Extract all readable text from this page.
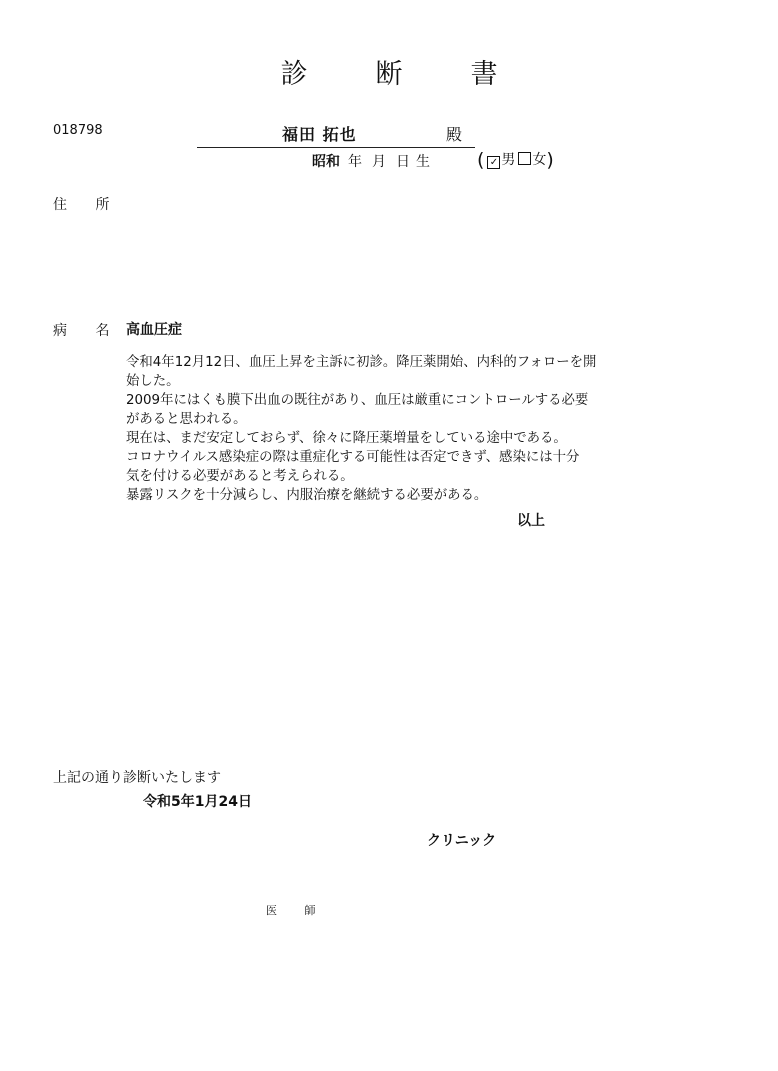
診 断 書
018798	福田 拓也	殿
昭和 年 月 日 生 ( ✓ 男 女)
住 所
病 名 高血圧症
令和4年12月12日、血圧上昇を主訴に初診。降圧薬開始、内科的フォローを開
始した。
2009年にはくも膜下出血の既往があり、血圧は厳重にコントロールする必要
があると思われる。
現在は、まだ安定しておらず、徐々に降圧薬増量をしている途中である。
コロナウイルス感染症の際は重症化する可能性は否定できず、感染には十分
気を付ける必要があると考えられる。
暴露リスクを十分減らし、内服治療を継続する必要がある。
以上
上記の通り診断いたします
令和5年1月24日
クリニック
医 師
